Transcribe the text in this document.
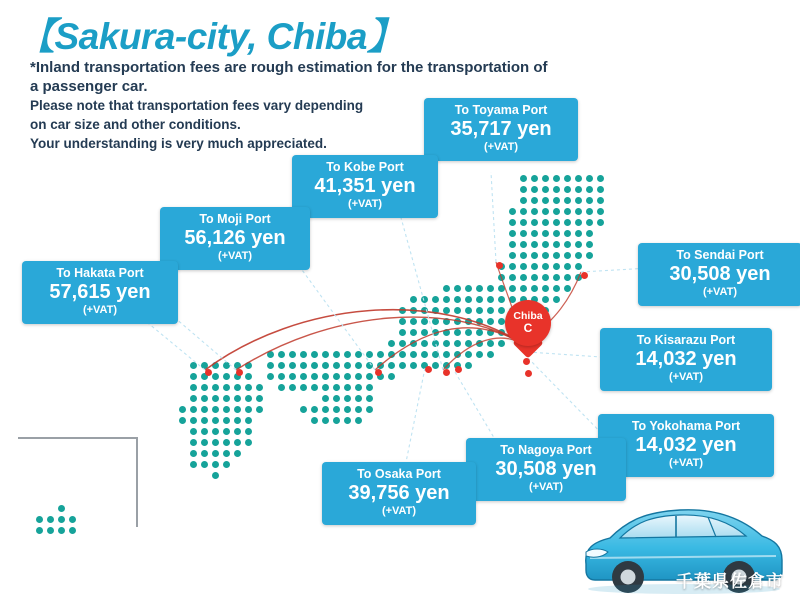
【Sakura-city, Chiba】
*Inland transportation fees are rough estimation for the transportation of
a passenger car.
Please note that transportation fees vary depending
on car size and other conditions.
Your understanding is very much appreciated.
Chiba
C
To Toyama Port
35,717 yen
(+VAT)
To Kobe Port
41,351 yen
(+VAT)
To Moji Port
56,126 yen
(+VAT)
To Hakata Port
57,615 yen
(+VAT)
To Sendai Port
30,508 yen
(+VAT)
To Kisarazu Port
14,032 yen
(+VAT)
To Yokohama Port
14,032 yen
(+VAT)
To Nagoya Port
30,508 yen
(+VAT)
To Osaka Port
39,756 yen
(+VAT)
千葉県佐倉市
